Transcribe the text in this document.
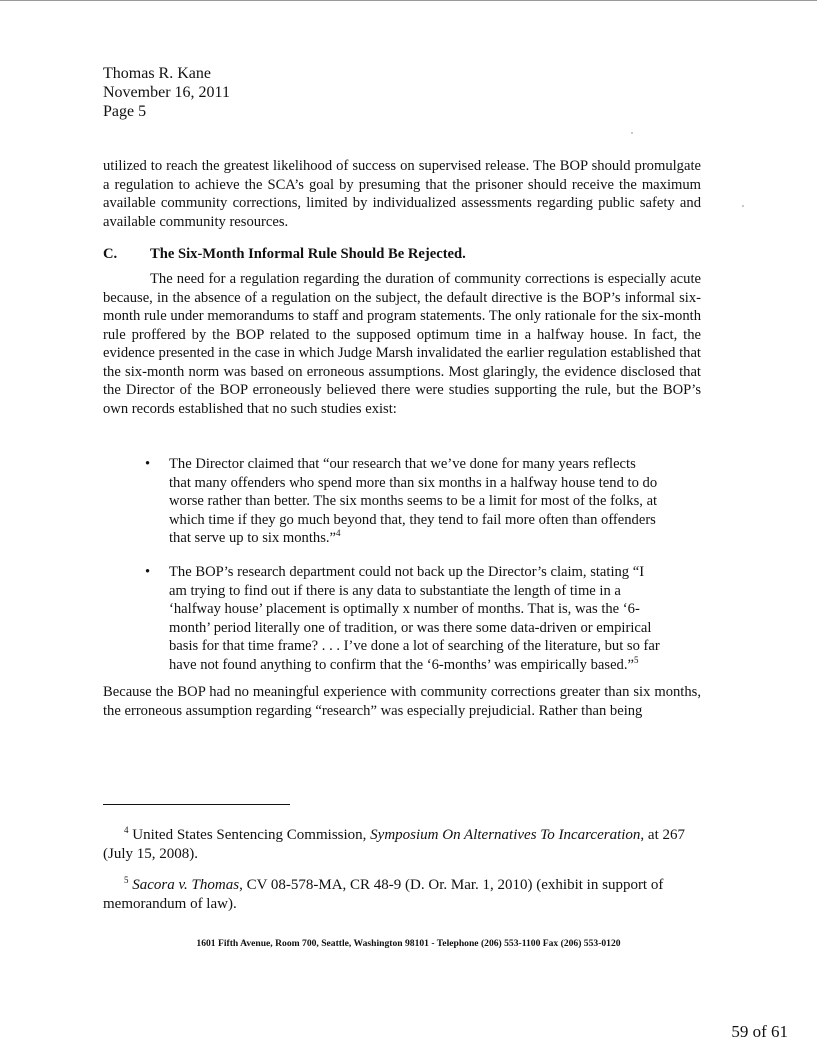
Thomas R. Kane
November 16, 2011
Page 5
utilized to reach the greatest likelihood of success on supervised release. The BOP should promulgate a regulation to achieve the SCA’s goal by presuming that the prisoner should receive the maximum available community corrections, limited by individualized assessments regarding public safety and available community resources.
C. The Six-Month Informal Rule Should Be Rejected.
The need for a regulation regarding the duration of community corrections is especially acute because, in the absence of a regulation on the subject, the default directive is the BOP’s informal six-month rule under memorandums to staff and program statements. The only rationale for the six-month rule proffered by the BOP related to the supposed optimum time in a halfway house. In fact, the evidence presented in the case in which Judge Marsh invalidated the earlier regulation established that the six-month norm was based on erroneous assumptions. Most glaringly, the evidence disclosed that the Director of the BOP erroneously believed there were studies supporting the rule, but the BOP’s own records established that no such studies exist:
• The Director claimed that “our research that we’ve done for many years reflects that many offenders who spend more than six months in a halfway house tend to do worse rather than better. The six months seems to be a limit for most of the folks, at which time if they go much beyond that, they tend to fail more often than offenders that serve up to six months.”$^4$
• The BOP’s research department could not back up the Director’s claim, stating “I am trying to find out if there is any data to substantiate the length of time in a ‘halfway house’ placement is optimally x number of months. That is, was the ‘6-month’ period literally one of tradition, or was there some data-driven or empirical basis for that time frame? . . . I’ve done a lot of searching of the literature, but so far have not found anything to confirm that the ‘6-months’ was empirically based.”$^5$
Because the BOP had no meaningful experience with community corrections greater than six months, the erroneous assumption regarding “research” was especially prejudicial. Rather than being
$^4$ United States Sentencing Commission, Symposium On Alternatives To Incarceration, at 267 (July 15, 2008).
$^5$ Sacora v. Thomas, CV 08-578-MA, CR 48-9 (D. Or. Mar. 1, 2010) (exhibit in support of memorandum of law).
1601 Fifth Avenue, Room 700, Seattle, Washington 98101 - Telephone (206) 553-1100 Fax (206) 553-0120
59 of 61
